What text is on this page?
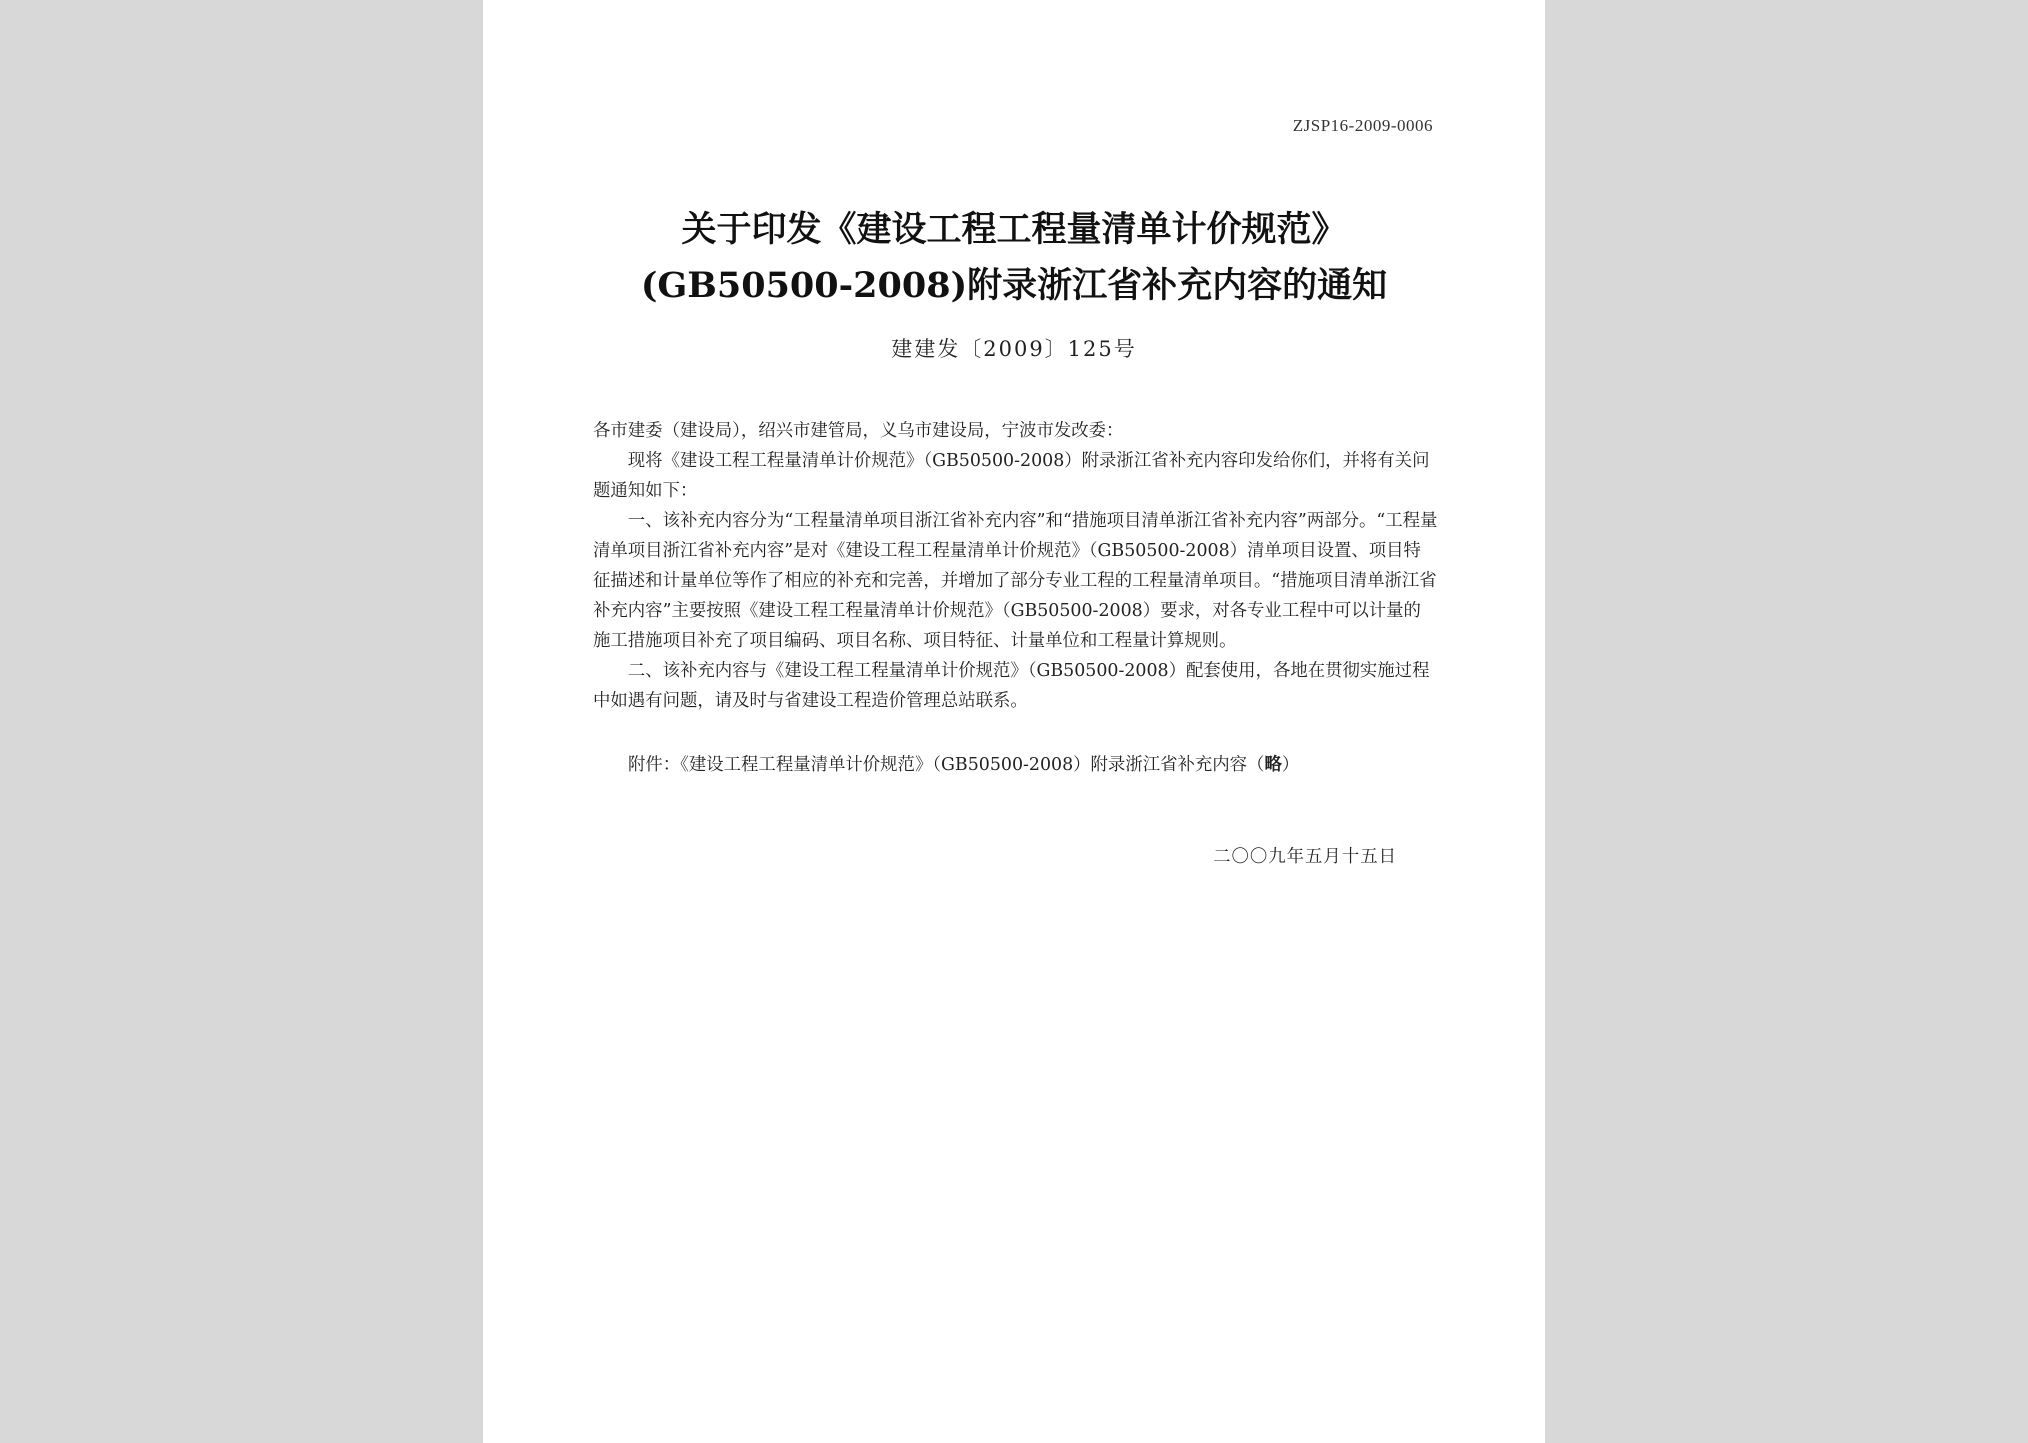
ZJSP16-2009-0006
关于印发《建设工程工程量清单计价规范》
(GB50500-2008)附录浙江省补充内容的通知
建建发〔2009〕125号

各市建委（建设局），绍兴市建管局，义乌市建设局，宁波市发改委：

现将《建设工程工程量清单计价规范》（GB50500-2008）附录浙江省补充内容印发给你们，并将有关问题通知如下：

一、该补充内容分为“工程量清单项目浙江省补充内容”和“措施项目清单浙江省补充内容”两部分。“工程量清单项目浙江省补充内容”是对《建设工程工程量清单计价规范》（GB50500-2008）清单项目设置、项目特征描述和计量单位等作了相应的补充和完善，并增加了部分专业工程的工程量清单项目。“措施项目清单浙江省补充内容”主要按照《建设工程工程量清单计价规范》（GB50500-2008）要求，对各专业工程中可以计量的施工措施项目补充了项目编码、项目名称、项目特征、计量单位和工程量计算规则。

二、该补充内容与《建设工程工程量清单计价规范》（GB50500-2008）配套使用，各地在贯彻实施过程中如遇有问题，请及时与省建设工程造价管理总站联系。

附件：《建设工程工程量清单计价规范》（GB50500-2008）附录浙江省补充内容（略）
二〇〇九年五月十五日
